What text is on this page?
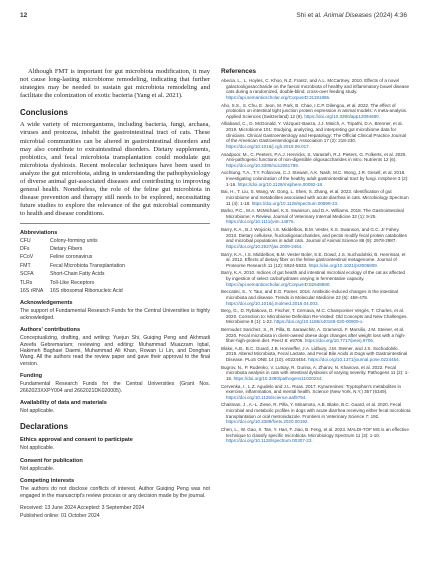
12	Shi et al. Animal Diseases (2024) 4:36

Although FMT is important for gut microbiota modification, it may not cause long-lasting microbiome remodeling, indicating that further strategies may be needed to sustain gut microbiota remodeling and facilitate the colonization of exotic bacteria (Yang et al. 2021).

Conclusions

A wide variety of microorganisms, including bacteria, fungi, archaea, viruses and protozoa, inhabit the gastrointestinal tract of cats. These microbial communities can be altered in gastrointestinal disorders and may also contribute to extraintestinal disorders. Dietary supplements, probiotics, and fecal microbiota transplantation could modulate gut microbiota dysbiosis. Recent molecular techniques have been used to analyze the gut microbiota, aiding in understanding the pathophysiology of diverse animal gut-associated diseases and contributing to improving general health. Nonetheless, the role of the feline gut microbiota in disease prevention and therapy still needs to be explored, necessitating future studies to explore the relevance of the gut microbial community to health and disease conditions.

Abbreviations
CFU	Colony-forming units
DFs	Dietary Fibers
FCoV	Feline coronavirus
FMT	Fecal Microbiota Transplantation
SCFA	Short-Chain Fatty Acids
TLRs	Toll-Like Receptors
16S rRNA	16S ribosomal Ribonucleic Acid
Acknowledgements

The support of Fundamental Research Funds for the Central Universities is highly acknowledged.

Authors' contributions

Conceptualizing, drafting, and writing: Yuejun Shi, Guiqing Peng and Akhmadi Azeefa Gebremariam; reviewing and editing: Muhammad Muazzam Iqbal, Hakimeh Baghaei Daemi, Muhammad Ali Khan, Rowan Li Lin, and Donghan Wang. All the authors read the review paper and gave their approval to the final version.

Funding

Fundamental Research Funds for the Central Universities (Grant Nos. 2662023XXPY004 and 2662021DK020005).

Availability of data and materials

Not applicable.

Declarations
Ethics approval and consent to participate

Not applicable.

Consent for publication

Not applicable.

Competing interests

The authors do not disclose conflicts of interest. Author Guiqing Peng was not engaged in the manuscript's review process or any decision made by the journal.

Received: 13 June 2024 Accepted: 3 September 2024

Published online: 01 October 2024

References

Abecia, L., L. Hoyles, C. Khoo, N.Z. Frantz, and A.L. McCartney. 2010. Effects of a novel galactooligosaccharide on the faecal microbiota of healthy and inflammatory bowel disease cats during a randomized, double-blind, cross-over feeding study. https://api.semanticscholar.org/CorpusID:31191886.

Aho, S.S., S. Chu, E. Jeon, M. Park, B. Chae, I.C.P. Dilengou, et al. 2022. The effect of probiotics on intestinal tight junction protein expression in animal models: A meta-analysis. Applied Sciences (Switzerland) 12 (9). https://doi.org/10.3390/app12094680.

Alliaband, C., D. McDonald, Y. Vázquez-Baeza, J.J. Minich, A. Tripathi, D.A. Brenner, et al. 2019. Microbiome 101: Studying, analyzing, and interpreting gut microbiome data for clinicians. Clinical Gastroenterology and Hepatology: The Official Clinical Practice Journal of the American Gastroenterological Association 17 (2): 218-230. https://doi.org/10.1016/j.cgh.2018.09.017.

Asadpoor, M., C. Peeters, P.A.J. Henricks, S. Varasteh, R.J. Pieters, G. Folkerts, et al. 2020. Anti-pathogenic functions of non-digestible oligosaccharides in vitro. Nutrients 12 (6). https://doi.org/10.3390/nu12061789.

Auchtung, T.A., T.Y. Fofanova, C.J. Stewart, A.K. Nash, M.C. Wong, J.R. Gesell, et al. 2018. Investigating colonization of the healthy adult gastrointestinal tract by fungi. mSphere 3 (2): 1-16. https://doi.org/10.1128/msphere.00092-18.

Bai, H., T. Liu, S. Wang, W. Gong, L. Shen, S. Zhang, et al. 2023. Identification of gut microbiome and metabolites associated with acute diarrhea in cats. Microbiology Spectrum 11 (4): 1-18. https://doi.org/10.1128/spectrum.00599-23.

Barko, P.C., M.A. McMichael, K.S. Swanson, and D.A. Williams. 2018. The Gastrointestinal Microbiome: A Review. Journal of Veterinary Internal Medicine 32 (1): 9-25. https://doi.org/10.1111/jvim.14875.

Barry, K.A., B.J. Wojcicki, I.S. Middelbos, B.M. Vester, K.S. Swanson, and G.C. Jr Fahey. 2010. Dietary cellulose, fructooligosaccharides, and pectin modify fecal protein catabolites and microbial populations in adult cats. Journal of Animal Science 88 (9): 2978-2987. https://doi.org/10.2527/jas.2009-2464.

Barry, K.A., I.S. Middelbos, B.M. Vester Boler, S.E. Dowd, J.S. Suchodolski, B. Henrissat, et al. 2012. Effects of dietary fiber on the feline gastrointestinal metagenome. Journal of Proteome Research 11 (12): 5924-5933. https://doi.org/10.1021/pr3006809.

Barry, K.A. 2010. Indices of gut health and intestinal microbial ecology of the cat as affected by ingestion of select carbohydrates varying in fermentative capacity. https://api.semanticscholar.org/CorpusID:82648880.

Beccatini, S., Y. Taur, and E.G. Pamer. 2016. Antibiotic-induced changes in the intestinal microbiota and disease. Trends in Molecular Medicine 22 (6): 458-478. https://doi.org/10.1016/j.molmed.2016.04.003.

Berg, G., D. Rybakova, D. Fischer, T. Cernava, M.C. Champomier Vergès, T. Charles, et al. 2020. Correction to: Microbiome Definition Re-Visited: Old Concepts and New Challenges. Microbiome 8 (1): 1-22. https://doi.org/10.1186/s40168-020-00905-x.

Bermudez Sanchez, S., R. Pilla, B. Sarawichitr, A. Gramenzi, F. Marsilio, J.M. Steiner, et al. 2020. Fecal microbiota in client-owned obese dogs changes after weight loss with a high-fiber-high-protein diet. PeerJ 8: e9706. https://doi.org/10.7717/peerj.9706.

Blake, A.B., B.C. Guard, J.B. Honneffer, J.A. Lidbury, J.M. Steiner, and J.S. Suchodolski. 2019. Altered Microbiota, Fecal Lactate, and Fecal Bile Acids in Dogs with Gastrointestinal Disease. PLoS ONE 14 (10): e0224454. https://doi.org/10.1371/journal.pone.0224454.

Bugrov, N., P. Rudenko, V. Lutsay, R. Gurina, A. Zharov, N. Khairova, et al. 2022. Fecal microbiota analysis in cats with intestinal dysbiosis of varying severity. Pathogens 11 (2): 1-16. https://doi.org/10.3390/pathogens11020234.

Cervenka, I., L.Z. Agudelo and J.L. Ruas. 2017. Kynurenines: Tryptophan's metabolites in exercise, inflammation, and mental health. Science (New York, N.Y.) 357 (6349). https://doi.org/10.1126/science.aaf9794.

Chaitman, J., A.-L. Ziese, R. Pilla, Y. Minamoto, A.B. Blake, B.C. Guard, et al. 2020. Fecal microbial and metabolic profiles in dogs with acute diarrhea receiving either fecal microbiota transplantation or oral metronidazole. Frontiers in Veterinary Science 7: 192. https://doi.org/10.3389/fvets.2020.00192.

Chen, L., W. Gao, X. Tan, Y. Han, F. Jiao, B. Feng, et al. 2023. MALDI-TOF MS is an effective technique to classify specific microbiota. Microbiology Spectrum 11 (3): 1-10. https://doi.org/10.1128/spectrum.00307-23.
